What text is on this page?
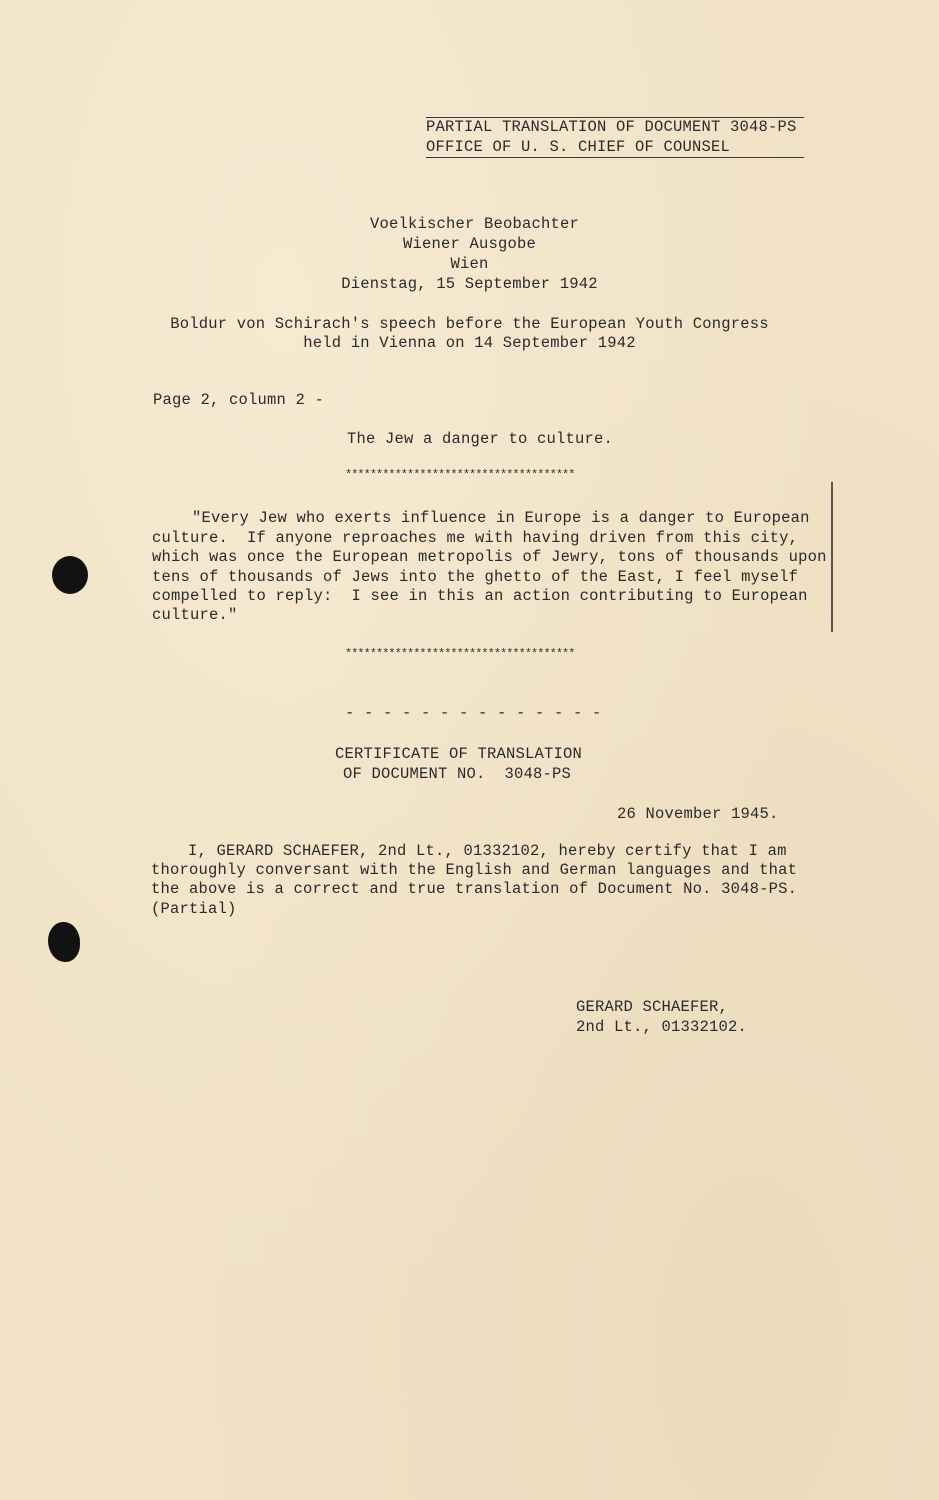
PARTIAL TRANSLATION OF DOCUMENT 3048-PS
OFFICE OF U. S. CHIEF OF COUNSEL
Voelkischer Beobachter
Wiener Ausgobe
Wien
Dienstag, 15 September 1942
Boldur von Schirach's speech before the European Youth Congress
held in Vienna on 14 September 1942
Page 2, column 2 -
The Jew a danger to culture.
*************************************
"Every Jew who exerts influence in Europe is a danger to European
culture.  If anyone reproaches me with having driven from this city,
which was once the European metropolis of Jewry, tons of thousands upon
tens of thousands of Jews into the ghetto of the East, I feel myself
compelled to reply:  I see in this an action contributing to European
culture."
*************************************
- - - - - - - - - - - - - -
CERTIFICATE OF TRANSLATION
OF DOCUMENT NO.  3048-PS
26 November 1945.
I, GERARD SCHAEFER, 2nd Lt., 01332102, hereby certify that I am
thoroughly conversant with the English and German languages and that
the above is a correct and true translation of Document No. 3048-PS.
(Partial)
GERARD SCHAEFER,
2nd Lt., 01332102.
